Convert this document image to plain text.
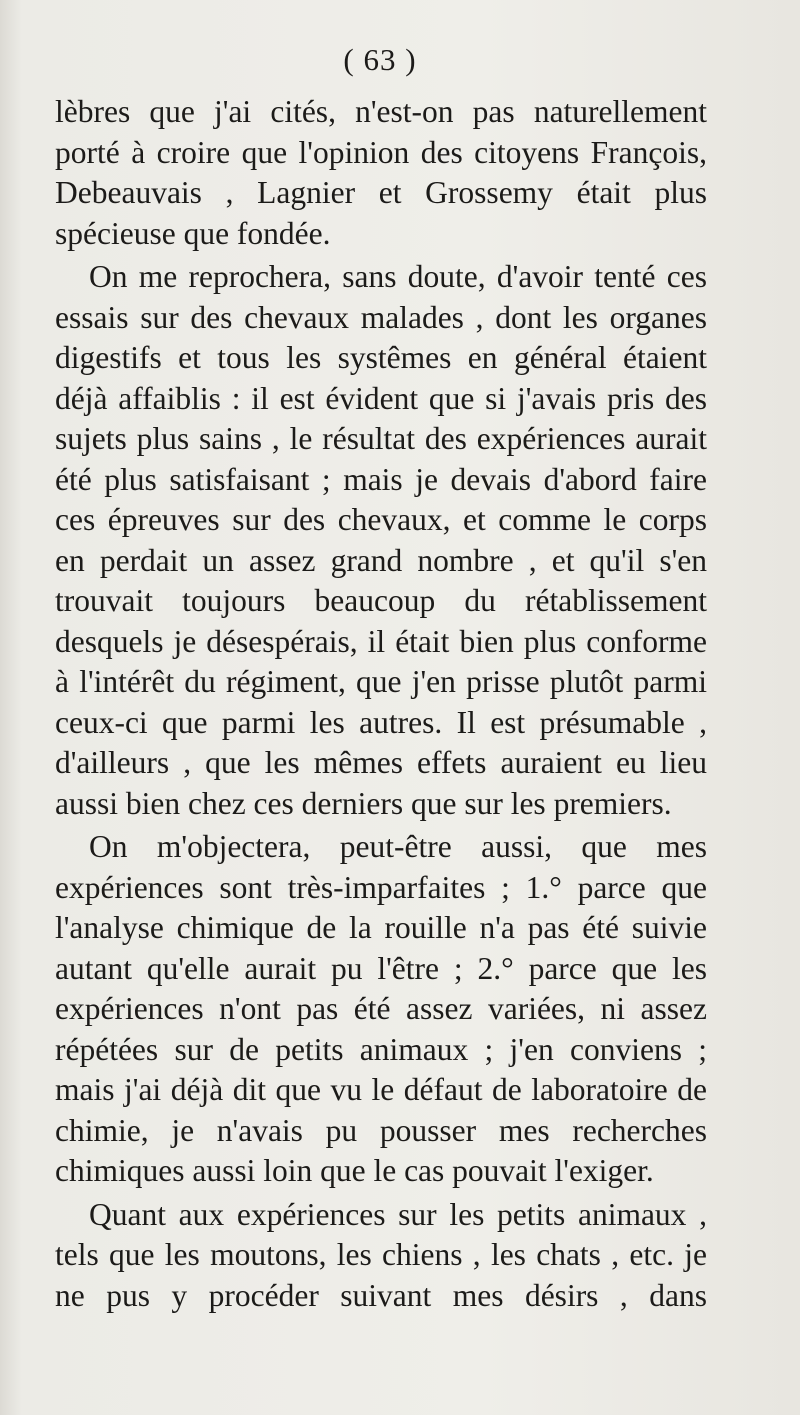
( 63 )

lèbres que j'ai cités, n'est-on pas naturellement porté à croire que l'opinion des citoyens François, Debeauvais , Lagnier et Grossemy était plus spécieuse que fondée.

On me reprochera, sans doute, d'avoir tenté ces essais sur des chevaux malades , dont les organes digestifs et tous les systêmes en général étaient déjà affaiblis : il est évident que si j'avais pris des sujets plus sains , le résultat des expériences aurait été plus satisfaisant ; mais je devais d'abord faire ces épreuves sur des chevaux, et comme le corps en perdait un assez grand nombre , et qu'il s'en trouvait toujours beaucoup du rétablissement desquels je désespérais, il était bien plus conforme à l'intérêt du régiment, que j'en prisse plutôt parmi ceux-ci que parmi les autres. Il est présumable , d'ailleurs , que les mêmes effets auraient eu lieu aussi bien chez ces derniers que sur les premiers.

On m'objectera, peut-être aussi, que mes expériences sont très-imparfaites ; 1.° parce que l'analyse chimique de la rouille n'a pas été suivie autant qu'elle aurait pu l'être ; 2.° parce que les expériences n'ont pas été assez variées, ni assez répétées sur de petits animaux ; j'en conviens ; mais j'ai déjà dit que vu le défaut de laboratoire de chimie, je n'avais pu pousser mes recherches chimiques aussi loin que le cas pouvait l'exiger.

Quant aux expériences sur les petits animaux , tels que les moutons, les chiens , les chats , etc. je ne pus y procéder suivant mes désirs , dans
